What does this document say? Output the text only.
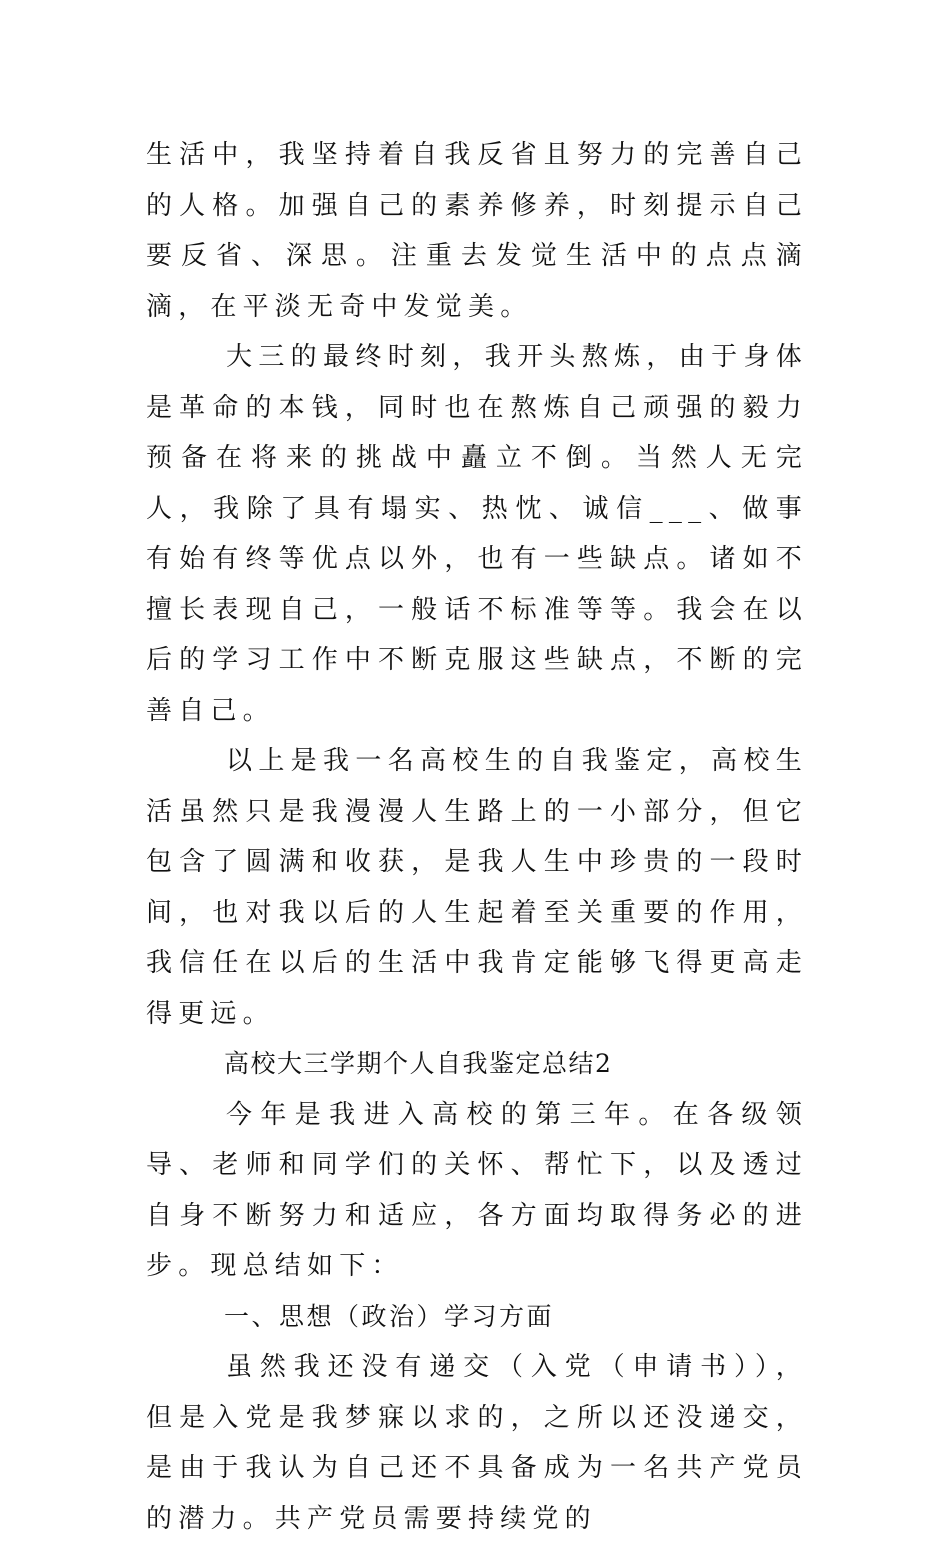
生活中，我坚持着自我反省且努力的完善自己的人格。加强自己的素养修养，时刻提示自己要反省、深思。注重去发觉生活中的点点滴滴，在平淡无奇中发觉美。

大三的最终时刻，我开头熬炼，由于身体是革命的本钱，同时也在熬炼自己顽强的毅力预备在将来的挑战中矗立不倒。当然人无完人，我除了具有塌实、热忱、诚信___、做事有始有终等优点以外，也有一些缺点。诸如不擅长表现自己，一般话不标准等等。我会在以后的学习工作中不断克服这些缺点，不断的完善自己。

以上是我一名高校生的自我鉴定，高校生活虽然只是我漫漫人生路上的一小部分，但它包含了圆满和收获，是我人生中珍贵的一段时间，也对我以后的人生起着至关重要的作用，我信任在以后的生活中我肯定能够飞得更高走得更远。

高校大三学期个人自我鉴定总结2

今年是我进入高校的第三年。在各级领导、老师和同学们的关怀、帮忙下，以及透过自身不断努力和适应，各方面均取得务必的进步。现总结如下：

一、思想（政治）学习方面

虽然我还没有递交（入党（申请书）），但是入党是我梦寐以求的，之所以还没递交，是由于我认为自己还不具备成为一名共产党员的潜力。共产党员需要持续党的
